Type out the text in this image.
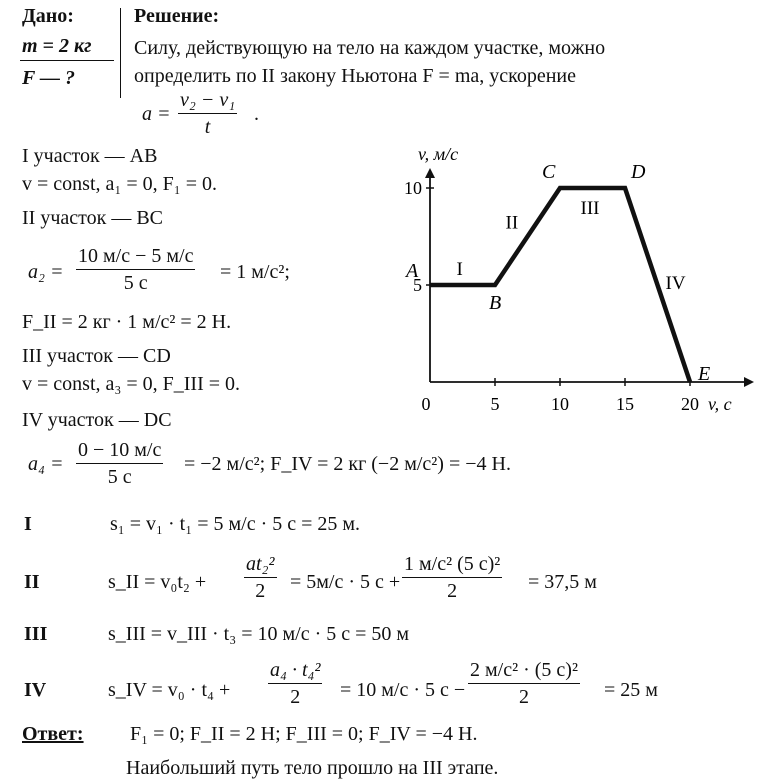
Дано:
m = 2 кг
F — ?
Решение:
Силу, действующую на тело на каждом участке, можно
определить по II закону Ньютона F = ma, ускорение
$a = \frac{\text{v₂ − v₁}}{t}$ .
I участок — AB
v = const, a₁ = 0, F₁ = 0.
II участок — BC
a₂ =
10 м/с − 5 м/с
5 с	= 1 м/с²;
F_II = 2 кг · 1 м/с² = 2 Н.
III участок — CD
v = const, a₃ = 0, F_III = 0.
IV участок — DC
a₄ =
0 − 10 м/с
5 с
= −2 м/с²; F_IV = 2 кг (−2 м/с²) = −4 Н.
I	s₁ = v₁ · t₁ = 5 м/с · 5 с = 25 м.
II	s_II = $v_0t_2 + \frac{\text{at₂²}}{2} = 5м/с \cdot 5$ с +
1 м/с² (5 с)²
2	= 37,5 м
III	s_III = v_III · t₃ = 10 м/с · 5 с = 50 м
IV	s_IV = $v_0 \cdot t_4 + \frac{\text{a₄ · t₄²}}{2} = 10$ м/с · 5 с −
2 м/с² · (5 с)²
2	= 25 м
Ответ: F₁ = 0; F_II = 2 Н; F_III = 0; F_IV = −4 Н.
Наибольший путь тело прошло на III этапе.
0	5	10	15	20
5
10
v, м/с
v, с
A
B
C	D
E
I
II
III
IV
